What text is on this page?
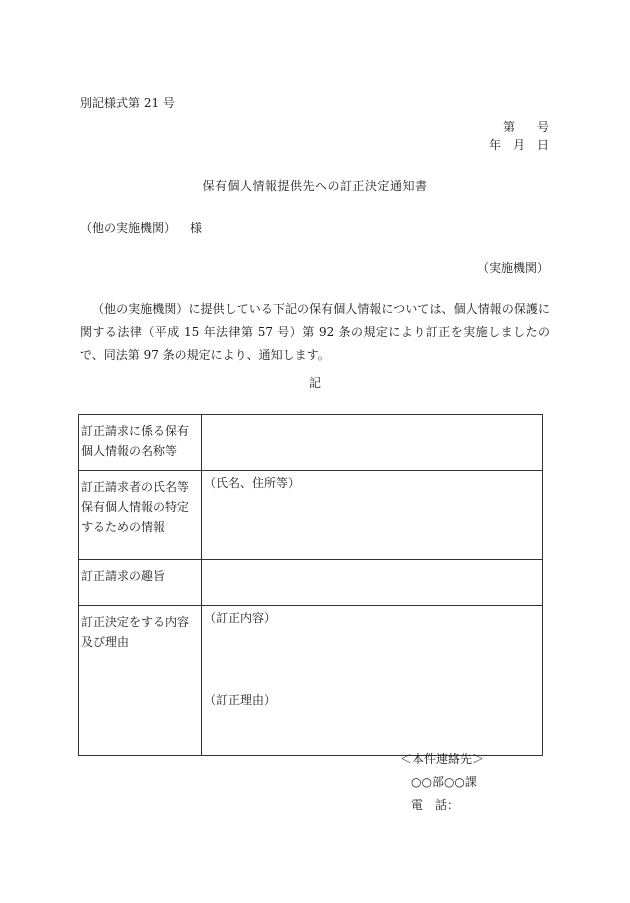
別記様式第 21 号
第 号
年 月 日
保有個人情報提供先への訂正決定通知書
（他の実施機関） 様
（実施機関）
（他の実施機関）に提供している下記の保有個人情報については、個人情報の保護に関する法律（平成 15 年法律第 57 号）第 92 条の規定により訂正を実施しましたので、同法第 97 条の規定により、通知します。
記
訂正請求に係る保有個人情報の名称等	
訂正請求者の氏名等保有個人情報の特定するための情報	（氏名、住所等）
訂正請求の趣旨	
訂正決定をする内容及び理由	（訂正内容）
（訂正理由）
＜本件連絡先＞
○○部○○課
電 話：
